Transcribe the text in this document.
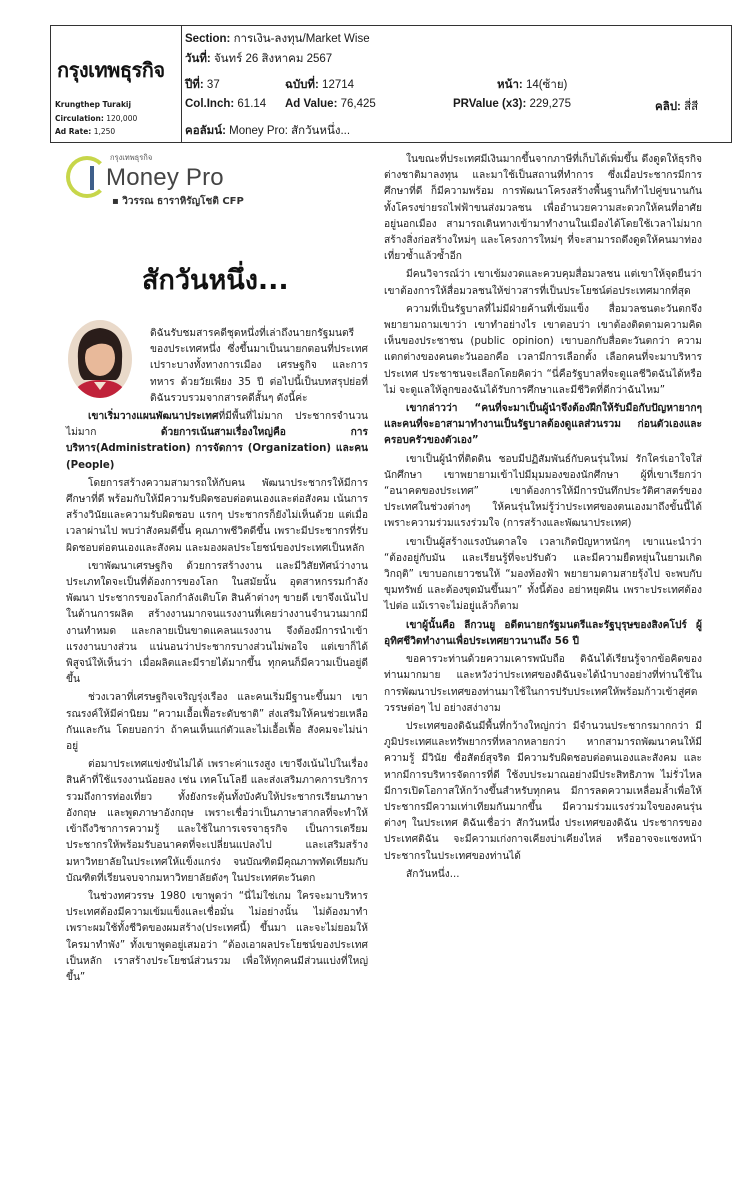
กรุงเทพธุรกิจ
Krungthep Turakij
Circulation: 120,000
Ad Rate: 1,250
Section: การเงิน-ลงทุน/Market Wise
วันที่: จันทร์ 26 สิงหาคม 2567
ปีที่: 37	ฉบับที่: 12714	หน้า: 14(ซ้าย)
Col.Inch: 61.14 Ad Value: 76,425	PRValue (x3): 229,275	คลิป: สี่สี
คอลัมน์: Money Pro: สักวันหนึ่ง...
กรุงเทพธุรกิจ
Money Pro
▪ วิวรรณ ธาราหิรัญโชติ CFP
สักวันหนึ่ง...

ดิฉันรับชมสารคดีชุดหนึ่งที่เล่าถึงนายกรัฐมนตรีของประเทศหนึ่ง ซึ่งขึ้นมาเป็นนายกตอนที่ประเทศเปราะบางทั้งทางการเมือง เศรษฐกิจ และการทหาร ด้วยวัยเพียง 35 ปี ต่อไปนี้เป็นบทสรุปย่อที่ดิฉันรวบรวมจากสารคดีสั้นๆ ดังนี้ค่ะ

เขาเริ่มวางแผนพัฒนาประเทศที่มีพื้นที่ไม่มาก ประชากรจำนวนไม่มาก ด้วยการเน้นสามเรื่องใหญ่คือ การบริหาร(Administration) การจัดการ (Organization) และคน (People)

โดยการสร้างความสามารถให้กับคน พัฒนาประชากรให้มีการศึกษาที่ดี พร้อมกับให้มีความรับผิดชอบต่อตนเองและต่อสังคม เน้นการสร้างวินัยและความรับผิดชอบ แรกๆ ประชากรก็ยังไม่เห็นด้วย แต่เมื่อเวลาผ่านไป พบว่าสังคมดีขึ้น คุณภาพชีวิตดีขึ้น เพราะมีประชากรที่รับผิดชอบต่อตนเองและสังคม และมองผลประโยชน์ของประเทศเป็นหลัก

เขาพัฒนาเศรษฐกิจ ด้วยการสร้างงาน และมีวิสัยทัศน์ว่างานประเภทใดจะเป็นที่ต้องการของโลก ในสมัยนั้น อุตสาหกรรมกำลังพัฒนา ประชากรของโลกกำลังเติบโต สินค้าต่างๆ ขายดี เขาจึงเน้นไปในด้านการผลิต สร้างงานมากจนแรงงานที่เคยว่างงานจำนวนมากมีงานทำหมด และกลายเป็นขาดแคลนแรงงาน จึงต้องมีการนำเข้าแรงงานบางส่วน แน่นอนว่าประชากรบางส่วนไม่พอใจ แต่เขาก็ได้พิสูจน์ให้เห็นว่า เมื่อผลิตและมีรายได้มากขึ้น ทุกคนก็มีความเป็นอยู่ดีขึ้น

ช่วงเวลาที่เศรษฐกิจเจริญรุ่งเรือง และคนเริ่มมีฐานะขึ้นมา เขารณรงค์ให้มีค่านิยม “ความเอื้อเฟื้อระดับชาติ” ส่งเสริมให้คนช่วยเหลือกันและกัน โดยบอกว่า ถ้าคนเห็นแก่ตัวและไม่เอื้อเฟื้อ สังคมจะไม่น่าอยู่

ต่อมาประเทศแข่งขันไม่ได้ เพราะค่าแรงสูง เขาจึงเน้นไปในเรื่องสินค้าที่ใช้แรงงานน้อยลง เช่น เทคโนโลยี และส่งเสริมภาคการบริการ รวมถึงการท่องเที่ยว ทั้งยังกระตุ้นทั้งบังคับให้ประชากรเรียนภาษาอังกฤษ และพูดภาษาอังกฤษ เพราะเชื่อว่าเป็นภาษาสากลที่จะทำให้เข้าถึงวิชาการความรู้ และใช้ในการเจรจาธุรกิจ เป็นการเตรียมประชากรให้พร้อมรับอนาคตที่จะเปลี่ยนแปลงไป และเสริมสร้างมหาวิทยาลัยในประเทศให้แข็งแกร่ง จนบัณฑิตมีคุณภาพทัดเทียมกับบัณฑิตที่เรียนจบจากมหาวิทยาลัยดังๆ ในประเทศตะวันตก

ในช่วงทศวรรษ 1980 เขาพูดว่า “นี่ไม่ใช่เกม ใครจะมาบริหารประเทศต้องมีความเข้มแข็งและเชื่อมั่น ไม่อย่างนั้น ไม่ต้องมาทำ เพราะผมใช้ทั้งชีวิตของผมสร้าง(ประเทศนี้) ขึ้นมา และจะไม่ยอมให้ใครมาทำพัง” ทั้งเขาพูดอยู่เสมอว่า “ต้องเอาผลประโยชน์ของประเทศเป็นหลัก เราสร้างประโยชน์ส่วนรวม เพื่อให้ทุกคนมีส่วนแบ่งที่ใหญ่ขึ้น”

ในขณะที่ประเทศมีเงินมากขึ้นจากภาษีที่เก็บได้เพิ่มขึ้น ดึงดูดให้ธุรกิจต่างชาติมาลงทุน และมาใช้เป็นสถานที่ทำการ ซึ่งเมื่อประชากรมีการศึกษาที่ดี ก็มีความพร้อม การพัฒนาโครงสร้างพื้นฐานก็ทำไปคู่ขนานกัน ทั้งโครงข่ายรถไฟฟ้าขนส่งมวลชน เพื่ออำนวยความสะดวกให้คนที่อาศัยอยู่นอกเมือง สามารถเดินทางเข้ามาทำงานในเมืองได้โดยใช้เวลาไม่มาก สร้างสิ่งก่อสร้างใหม่ๆ และโครงการใหม่ๆ ที่จะสามารถดึงดูดให้คนมาท่องเที่ยวซ้ำแล้วซ้ำอีก

มีคนวิจารณ์ว่า เขาเข้มงวดและควบคุมสื่อมวลชน แต่เขาให้จุดยืนว่าเขาต้องการให้สื่อมวลชนให้ข่าวสารที่เป็นประโยชน์ต่อประเทศมากที่สุด

ความที่เป็นรัฐบาลที่ไม่มีฝ่ายค้านที่เข้มแข็ง สื่อมวลชนตะวันตกจึงพยายามถามเขาว่า เขาทำอย่างไร เขาตอบว่า เขาต้องติดตามความคิดเห็นของประชาชน (public opinion) เขาบอกกับสื่อตะวันตกว่า ความแตกต่างของคนตะวันออกคือ เวลามีการเลือกตั้ง เลือกคนที่จะมาบริหารประเทศ ประชาชนจะเลือกโดยคิดว่า “นี่คือรัฐบาลที่จะดูแลชีวิตฉันได้หรือไม่ จะดูแลให้ลูกของฉันได้รับการศึกษาและมีชีวิตที่ดีกว่าฉันไหม”

เขากล่าวว่า “คนที่จะมาเป็นผู้นำจึงต้องฝึกให้รับมือกับปัญหายากๆ และคนที่จะอาสามาทำงานเป็นรัฐบาลต้องดูแลส่วนรวม ก่อนตัวเองและครอบครัวของตัวเอง”

เขาเป็นผู้นำที่ติดดิน ชอบมีปฏิสัมพันธ์กับคนรุ่นใหม่ รักใคร่เอาใจใส่นักศึกษา เขาพยายามเข้าไปมีมุมมองของนักศึกษา ผู้ที่เขาเรียกว่า “อนาคตของประเทศ” เขาต้องการให้มีการบันทึกประวัติศาสตร์ของประเทศในช่วงต่างๆ ให้คนรุ่นใหม่รู้ว่าประเทศของตนเองมาถึงขั้นนี้ได้เพราะความร่วมแรงร่วมใจ (การสร้างและพัฒนาประเทศ)

เขาเป็นผู้สร้างแรงบันดาลใจ เวลาเกิดปัญหาหนักๆ เขาแนะนำว่า “ต้องอยู่กับมัน และเรียนรู้ที่จะปรับตัว และมีความยืดหยุ่นในยามเกิดวิกฤติ” เขาบอกเยาวชนให้ “มองท้องฟ้า พยายามตามสายรุ้งไป จะพบกับขุมทรัพย์ และต้องขุดมันขึ้นมา” ทั้งนี้ต้อง อย่าหยุดฝัน เพราะประเทศต้องไปต่อ แม้เราจะไม่อยู่แล้วก็ตาม

เขาผู้นั้นคือ ลีกวนยู อดีตนายกรัฐมนตรีและรัฐบุรุษของสิงคโปร์ ผู้อุทิศชีวิตทำงานเพื่อประเทศยาวนานถึง 56 ปี

ขอคารวะท่านด้วยความเคารพนับถือ ดิฉันได้เรียนรู้จากข้อคิดของท่านมากมาย และหวังว่าประเทศของดิฉันจะได้นำบางอย่างที่ท่านใช้ในการพัฒนาประเทศของท่านมาใช้ในการปรับประเทศให้พร้อมก้าวเข้าสู่ศตวรรษต่อๆ ไป อย่างสง่างาม

ประเทศของดิฉันมีพื้นที่กว้างใหญ่กว่า มีจำนวนประชากรมากกว่า มีภูมิประเทศและทรัพยากรที่หลากหลายกว่า หากสามารถพัฒนาคนให้มีความรู้ มีวินัย ซื่อสัตย์สุจริต มีความรับผิดชอบต่อตนเองและสังคม และหากมีการบริหารจัดการที่ดี ใช้งบประมาณอย่างมีประสิทธิภาพ ไม่รั่วไหล มีการเปิดโอกาสให้กว้างขึ้นสำหรับทุกคน มีการลดความเหลื่อมล้ำเพื่อให้ประชากรมีความเท่าเทียมกันมากขึ้น มีความร่วมแรงร่วมใจของคนรุ่นต่างๆ ในประเทศ ดิฉันเชื่อว่า สักวันหนึ่ง ประเทศของดิฉัน ประชากรของประเทศดิฉัน จะมีความเก่งกาจเคียงบ่าเคียงไหล่ หรืออาจจะแซงหน้าประชากรในประเทศของท่านได้

สักวันหนึ่ง...
